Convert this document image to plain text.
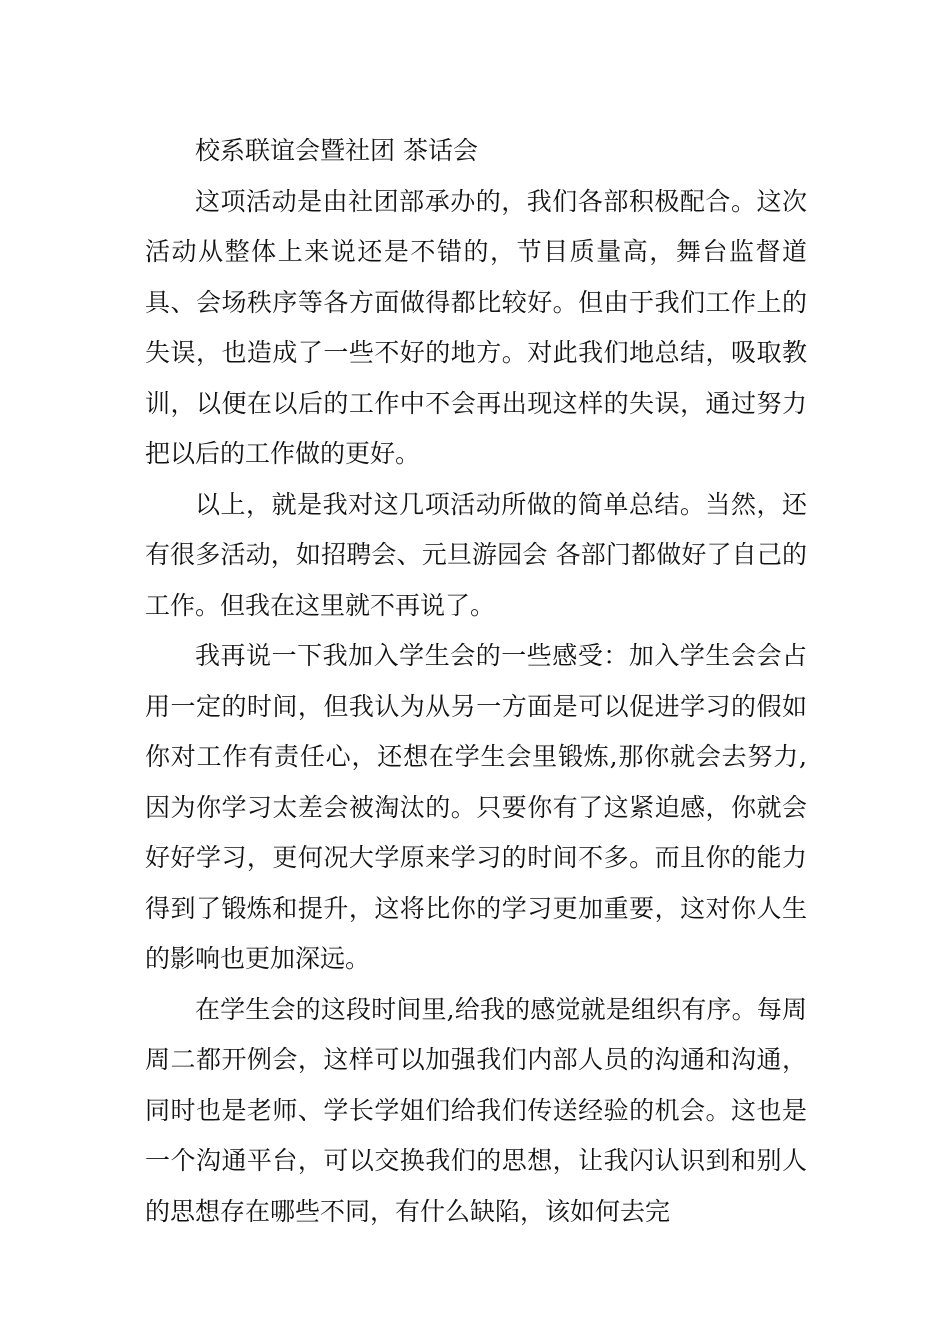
校系联谊会暨社团 茶话会

这项活动是由社团部承办的，我们各部积极配合。这次活动从整体上来说还是不错的，节目质量高，舞台监督道具、会场秩序等各方面做得都比较好。但由于我们工作上的失误，也造成了一些不好的地方。对此我们地总结，吸取教训，以便在以后的工作中不会再出现这样的失误，通过努力把以后的工作做的更好。

以上，就是我对这几项活动所做的简单总结。当然，还有很多活动，如招聘会、元旦游园会 各部门都做好了自己的工作。但我在这里就不再说了。

我再说一下我加入学生会的一些感受：加入学生会会占用一定的时间，但我认为从另一方面是可以促进学习的假如你对工作有责任心，还想在学生会里锻炼,那你就会去努力,因为你学习太差会被淘汰的。只要你有了这紧迫感，你就会好好学习，更何况大学原来学习的时间不多。而且你的能力得到了锻炼和提升，这将比你的学习更加重要，这对你人生的影响也更加深远。

在学生会的这段时间里,给我的感觉就是组织有序。每周周二都开例会，这样可以加强我们内部人员的沟通和沟通，同时也是老师、学长学姐们给我们传送经验的机会。这也是一个沟通平台，可以交换我们的思想，让我闪认识到和别人的思想存在哪些不同，有什么缺陷，该如何去完
